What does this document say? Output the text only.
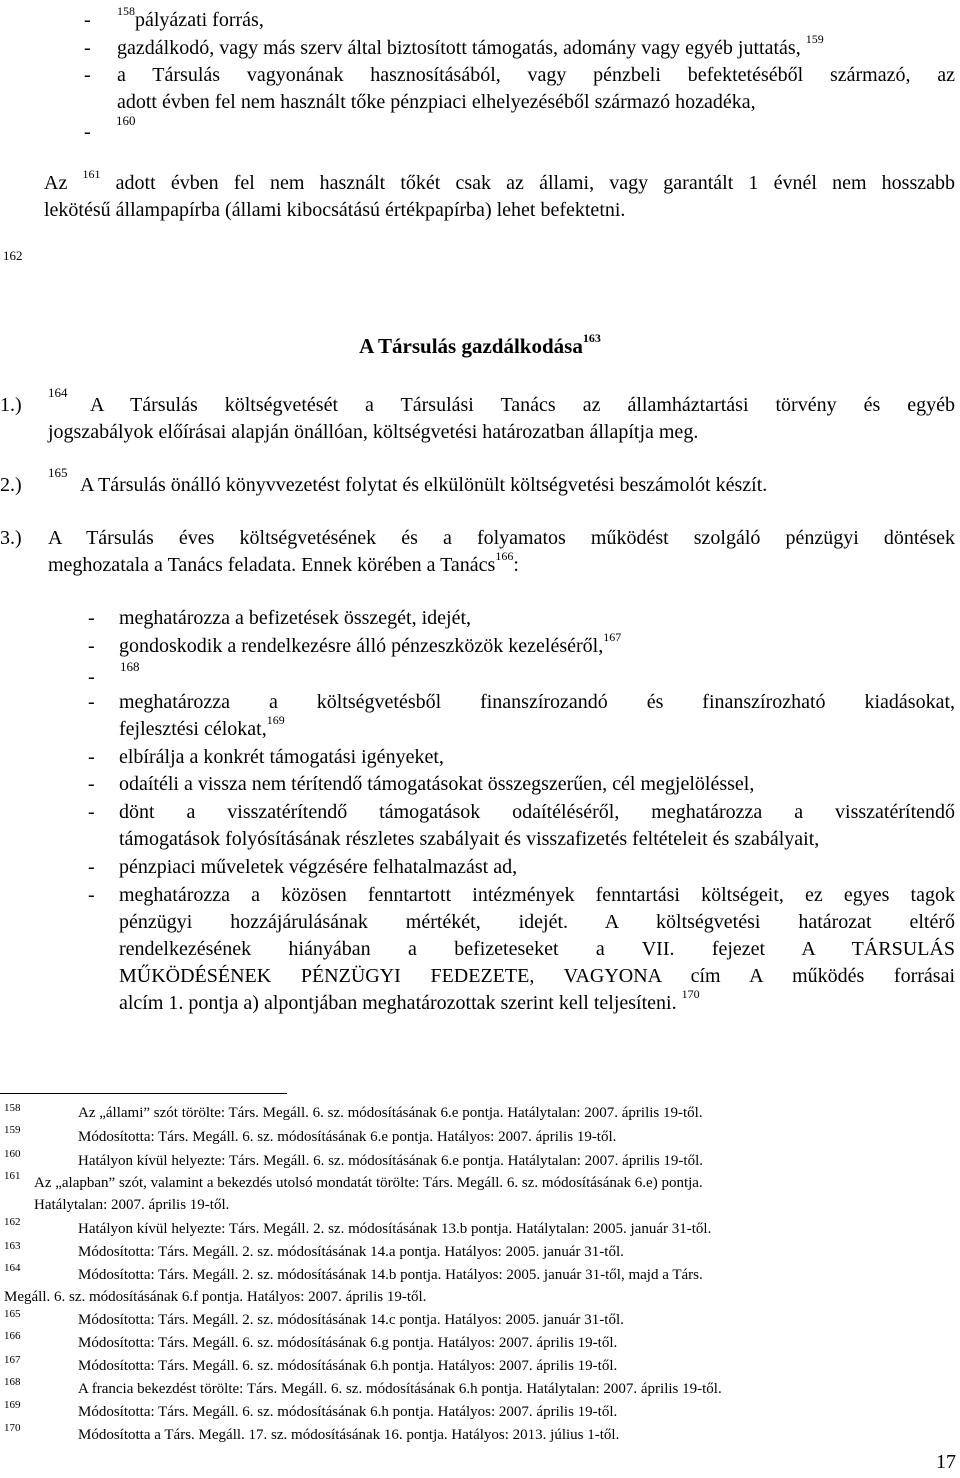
- $^{158}$pályázati forrás,
- gazdálkodó, vagy más szerv által biztosított támogatás, adomány vagy egyéb juttatás, $^{159}$
- a Társulás vagyonának hasznosításából, vagy pénzbeli befektetéséből származó, az
adott évben fel nem használt tőke pénzpiaci elhelyezéséből származó hozadéka,
-
160
Az $^{161}$ adott évben fel nem használt tőkét csak az állami, vagy garantált 1 évnél nem hosszabb
lekötésű állampapírba (állami kibocsátású értékpapírba) lehet befektetni.
162
A Társulás gazdálkodása$^{163}$
1.)
164
A Társulás költségvetését a Társulási Tanács az államháztartási törvény és egyéb
jogszabályok előírásai alapján önállóan, költségvetési határozatban állapítja meg.
2.)
165
A Társulás önálló könyvvezetést folytat és elkülönült költségvetési beszámolót készít.
3.) A Társulás éves költségvetésének és a folyamatos működést szolgáló pénzügyi döntések
meghozatala a Tanács feladata. Ennek körében a Tanács$^{166}$:
- meghatározza a befizetések összegét, idejét,
- gondoskodik a rendelkezésre álló pénzeszközök kezeléséről,$^{167}$
- 168
- meghatározza a költségvetésből finanszírozandó és finanszírozható kiadásokat,
fejlesztési célokat,$^{169}$
- elbírálja a konkrét támogatási igényeket,
- odaítéli a vissza nem térítendő támogatásokat összegszerűen, cél megjelöléssel,
- dönt a visszatérítendő támogatások odaítéléséről, meghatározza a visszatérítendő
támogatások folyósításának részletes szabályait és visszafizetés feltételeit és szabályait,
- pénzpiaci műveletek végzésére felhatalmazást ad,
- meghatározza a közösen fenntartott intézmények fenntartási költségeit, ez egyes tagok
pénzügyi hozzájárulásának mértékét, idejét. A költségvetési határozat eltérő
rendelkezésének hiányában a befizeteseket a VII. fejezet A TÁRSULÁS
MŰKÖDÉSÉNEK PÉNZÜGYI FEDEZETE, VAGYONA cím A működés forrásai
alcím 1. pontja a) alpontjában meghatározottak szerint kell teljesíteni. $^{170}$
158	Az „állami” szót törölte: Társ. Megáll. 6. sz. módosításának 6.e pontja. Hatálytalan: 2007. április 19-től.
159	Módosította: Társ. Megáll. 6. sz. módosításának 6.e pontja. Hatályos: 2007. április 19-től.
160	Hatályon kívül helyezte: Társ. Megáll. 6. sz. módosításának 6.e pontja. Hatálytalan: 2007. április 19-től.
161 Az „alapban” szót, valamint a bekezdés utolsó mondatát törölte: Társ. Megáll. 6. sz. módosításának 6.e) pontja.
Hatálytalan: 2007. április 19-től.
162	Hatályon kívül helyezte: Társ. Megáll. 2. sz. módosításának 13.b pontja. Hatálytalan: 2005. január 31-től.
163	Módosította: Társ. Megáll. 2. sz. módosításának 14.a pontja. Hatályos: 2005. január 31-től.
164	Módosította: Társ. Megáll. 2. sz. módosításának 14.b pontja. Hatályos: 2005. január 31-től, majd a Társ.
Megáll. 6. sz. módosításának 6.f pontja. Hatályos: 2007. április 19-től.
165	Módosította: Társ. Megáll. 2. sz. módosításának 14.c pontja. Hatályos: 2005. január 31-től.
166	Módosította: Társ. Megáll. 6. sz. módosításának 6.g pontja. Hatályos: 2007. április 19-től.
167	Módosította: Társ. Megáll. 6. sz. módosításának 6.h pontja. Hatályos: 2007. április 19-től.
168	A francia bekezdést törölte: Társ. Megáll. 6. sz. módosításának 6.h pontja. Hatálytalan: 2007. április 19-től.
169	Módosította: Társ. Megáll. 6. sz. módosításának 6.h pontja. Hatályos: 2007. április 19-től.
170	Módosította a Társ. Megáll. 17. sz. módosításának 16. pontja. Hatályos: 2013. július 1-től.
17
